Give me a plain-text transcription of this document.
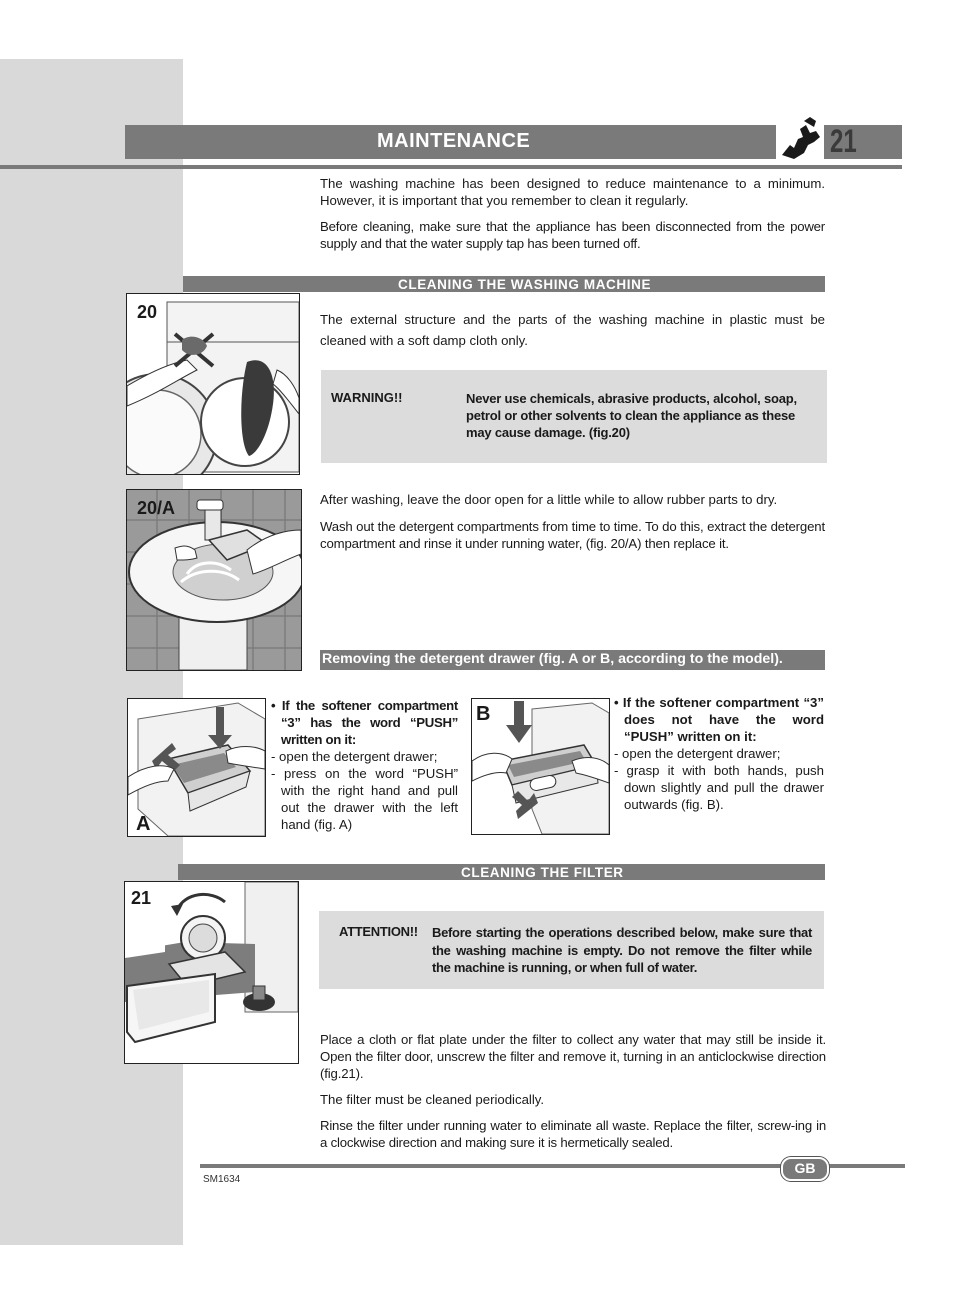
MAINTENANCE	21

The washing machine has been designed to reduce maintenance to a minimum. However, it is important that you remember to clean it regularly.

Before cleaning, make sure that the appliance has been disconnected from the power supply and that the water supply tap has been turned off.

CLEANING THE WASHING MACHINE
20	The external structure and the parts of the washing machine in plastic must be cleaned with a soft damp cloth only.

WARNING!!	Never use chemicals, abrasive products, alcohol, soap, petrol or other solvents to clean the appliance as these may cause damage. (fig.20)
20/A	After washing, leave the door open for a little while to allow rubber parts to dry.

Wash out the detergent compartments from time to time. To do this, extract the detergent compartment and rinse it under running water, (fig. 20/A) then replace it.

Removing the detergent drawer (fig. A or B, according to the model).
A

• If the softener compartment “3” has the word “PUSH” written on it:

- open the detergent drawer;

- press on the word “PUSH” with the right hand and pull out the drawer with the left hand (fig. A)

B

• If the softener compartment “3” does not have the word “PUSH” written on it:

- open the detergent drawer;

- grasp it with both hands, push down slightly and pull the drawer outwards (fig. B).

CLEANING THE FILTER
21
ATTENTION!! Before starting the operations described below, make sure that the washing machine is empty. Do not remove the filter while the machine is running, or when full of water.

Place a cloth or flat plate under the filter to collect any water that may still be inside it. Open the filter door, unscrew the filter and remove it, turning in an anticlockwise direction (fig.21).

The filter must be cleaned periodically.

Rinse the filter under running water to eliminate all waste. Replace the filter, screw-ing in a clockwise direction and making sure it is hermetically sealed.

GB
SM1634
